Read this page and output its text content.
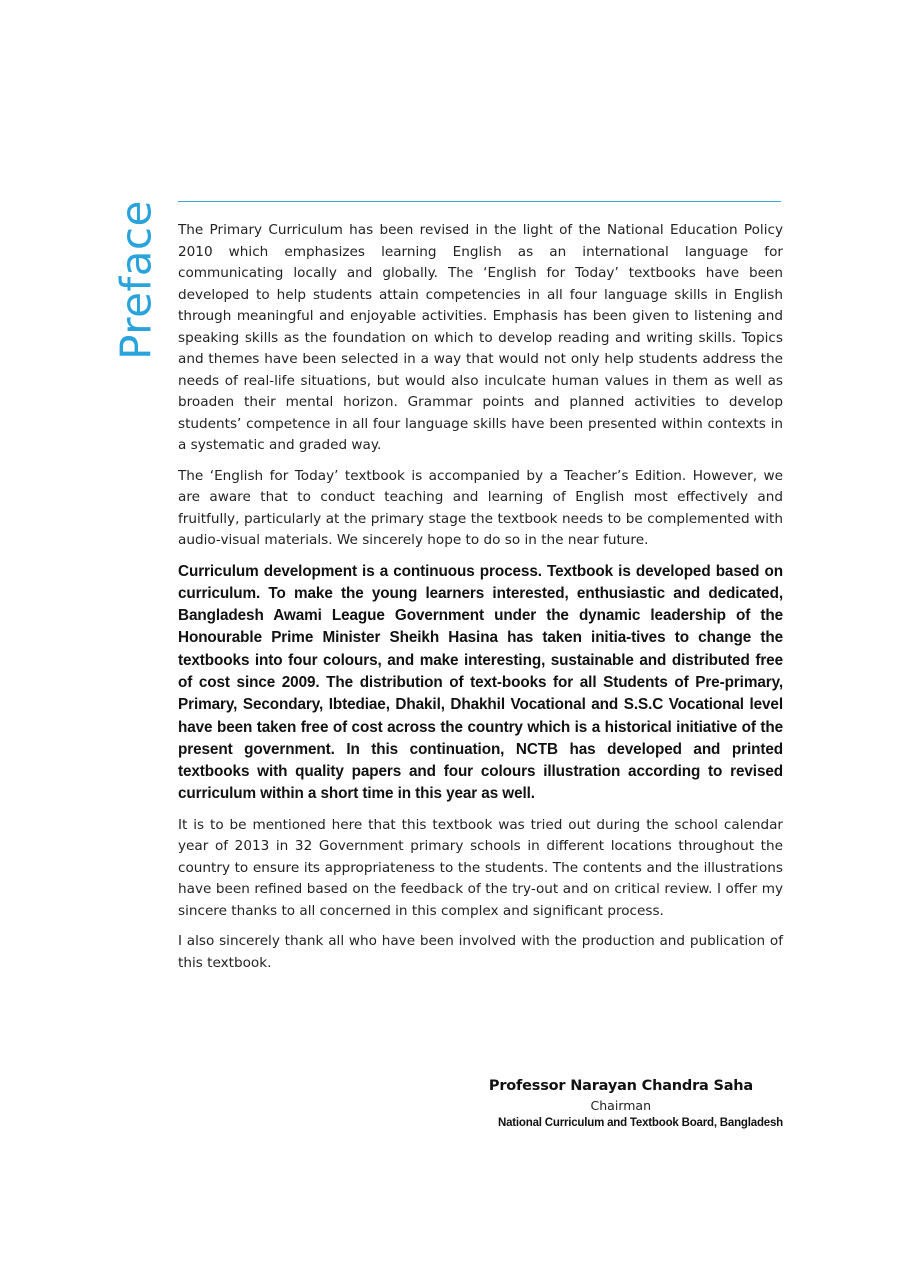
Preface The Primary Curriculum has been revised in the light of the National Education Policy 2010 which emphasizes learning English as an international language for communicating locally and globally. The ‘English for Today’ textbooks have been developed to help students attain competencies in all four language skills in English through meaningful and enjoyable activities. Emphasis has been given to listening and speaking skills as the foundation on which to develop reading and writing skills. Topics and themes have been selected in a way that would not only help students address the needs of real-life situations, but would also inculcate human values in them as well as broaden their mental horizon. Grammar points and planned activities to develop students’ competence in all four language skills have been presented within contexts in a systematic and graded way.

The ‘English for Today’ textbook is accompanied by a Teacher’s Edition. However, we are aware that to conduct teaching and learning of English most effectively and fruitfully, particularly at the primary stage the textbook needs to be complemented with audio-visual materials. We sincerely hope to do so in the near future.

Curriculum development is a continuous process. Textbook is developed based on curriculum. To make the young learners interested, enthusiastic and dedicated, Bangladesh Awami League Government under the dynamic leadership of the Honourable Prime Minister Sheikh Hasina has taken initia-tives to change the textbooks into four colours, and make interesting, sustainable and distributed free of cost since 2009. The distribution of text-books for all Students of Pre-primary, Primary, Secondary, Ibtediae, Dhakil, Dhakhil Vocational and S.S.C Vocational level have been taken free of cost across the country which is a historical initiative of the present government. In this continuation, NCTB has developed and printed textbooks with quality papers and four colours illustration according to revised curriculum within a short time in this year as well.

It is to be mentioned here that this textbook was tried out during the school calendar year of 2013 in 32 Government primary schools in different locations throughout the country to ensure its appropriateness to the students. The contents and the illustrations have been refined based on the feedback of the try-out and on critical review. I offer my sincere thanks to all concerned in this complex and significant process.

I also sincerely thank all who have been involved with the production and publication of this textbook.

Professor Narayan Chandra Saha
Chairman
National Curriculum and Textbook Board, Bangladesh
